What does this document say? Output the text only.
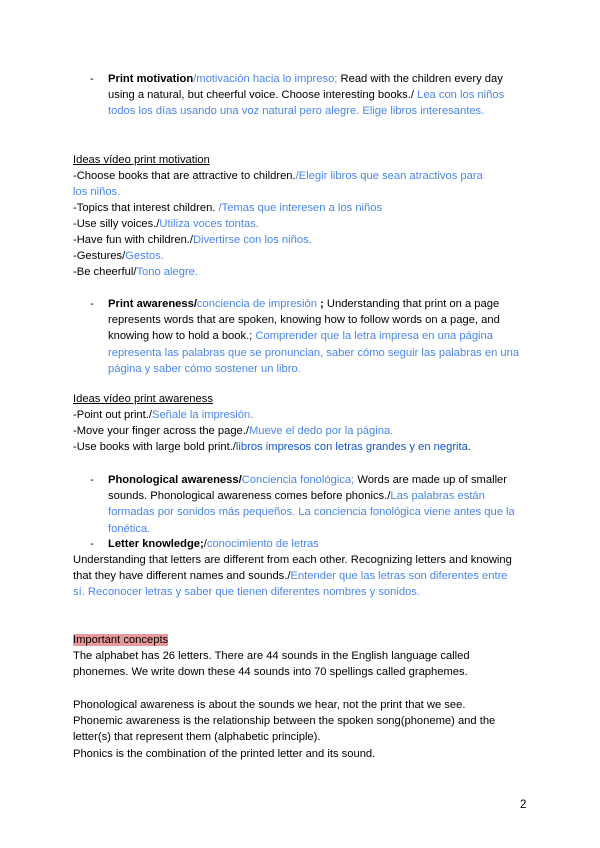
- Print motivation/motivación hacia lo impreso; Read with the children every day using a natural, but cheerful voice. Choose interesting books./ Lea con los niños todos los días usando una voz natural pero alegre. Elige libros interesantes.
Ideas vídeo print motivation
-Choose books that are attractive to children./Elegir libros que sean atractivos para
los niños.
-Topics that interest children. /Temas que interesen a los niños
-Use silly voices./Utiliza voces tontas.
-Have fun with children./Divertirse con los niños.
-Gestures/Gestos.
-Be cheerful/Tono alegre.
- Print awareness/conciencia de impresión ; Understanding that print on a page represents words that are spoken, knowing how to follow words on a page, and knowing how to hold a book.; Comprender que la letra impresa en una página representa las palabras que se pronuncian, saber cómo seguir las palabras en una página y saber cómo sostener un libro.
Ideas vídeo print awareness
-Point out print./Señale la impresión.
-Move your finger across the page./Mueve el dedo por la página.
-Use books with large bold print./libros impresos con letras grandes y en negrita.
- Phonological awareness/Conciencia fonológica; Words are made up of smaller sounds. Phonological awareness comes before phonics./Las palabras están formadas por sonidos más pequeños. La conciencia fonológica viene antes que la fonética.
- Letter knowledge;/conocimiento de letras
Understanding that letters are different from each other. Recognizing letters and knowing that they have different names and sounds./Entender que las letras son diferentes entre sí. Reconocer letras y saber que tienen diferentes nombres y sonidos.
Important concepts
The alphabet has 26 letters. There are 44 sounds in the English language called phonemes. We write down these 44 sounds into 70 spellings called graphemes.
Phonological awareness is about the sounds we hear, not the print that we see.
Phonemic awareness is the relationship between the spoken song(phoneme) and the letter(s) that represent them (alphabetic principle).
Phonics is the combination of the printed letter and its sound.
2
